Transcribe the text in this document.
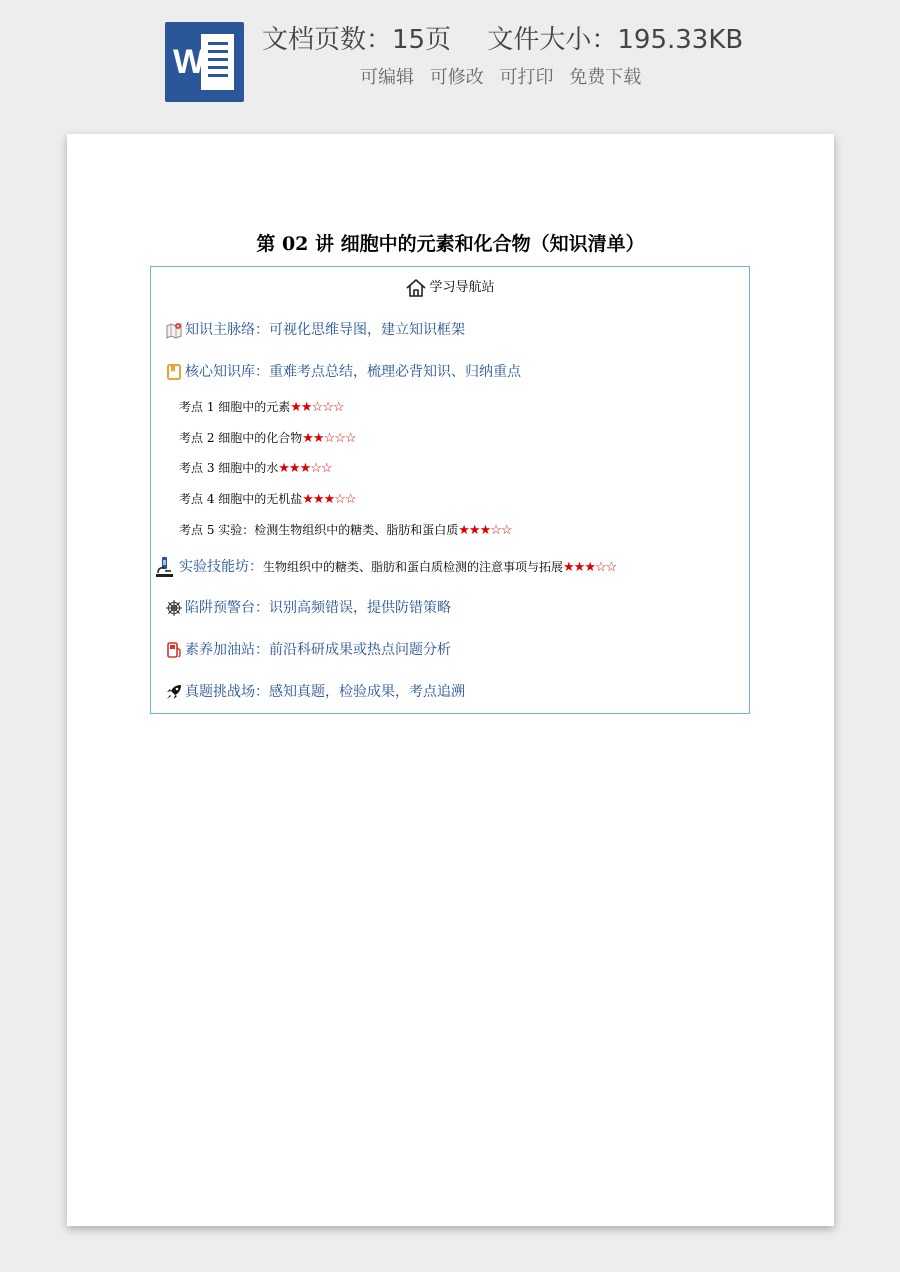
W
文档页数：15页 文件大小：195.33KB
可编辑 可修改 可打印 免费下载
第 02 讲 细胞中的元素和化合物（知识清单）
学习导航站
知识主脉络：可视化思维导图，建立知识框架
核心知识库：重难考点总结，梳理必背知识、归纳重点
考点 1 细胞中的元素★★☆☆☆
考点 2 细胞中的化合物★★☆☆☆
考点 3 细胞中的水★★★☆☆
考点 4 细胞中的无机盐★★★☆☆
考点 5 实验：检测生物组织中的糖类、脂肪和蛋白质★★★☆☆
实验技能坊：生物组织中的糖类、脂肪和蛋白质检测的注意事项与拓展★★★☆☆
陷阱预警台：识别高频错误，提供防错策略
素养加油站：前沿科研成果或热点问题分析
真题挑战场：感知真题，检验成果，考点追溯
